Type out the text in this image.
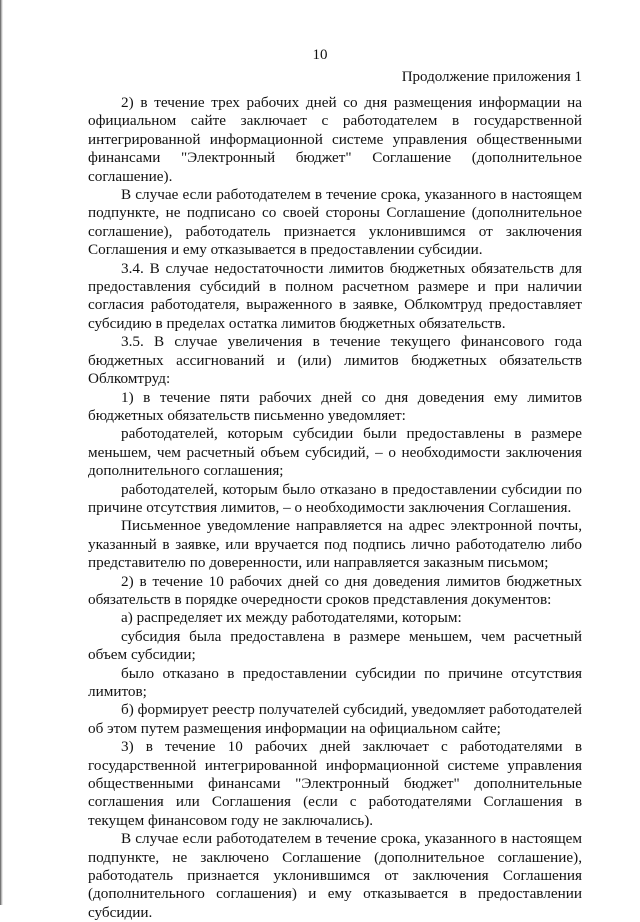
10
Продолжение приложения 1

2) в течение трех рабочих дней со дня размещения информации на официальном сайте заключает с работодателем в государственной интегрированной информационной системе управления общественными финансами "Электронный бюджет" Соглашение (дополнительное соглашение).

В случае если работодателем в течение срока, указанного в настоящем подпункте, не подписано со своей стороны Соглашение (дополнительное соглашение), работодатель признается уклонившимся от заключения Соглашения и ему отказывается в предоставлении субсидии.

3.4. В случае недостаточности лимитов бюджетных обязательств для предоставления субсидий в полном расчетном размере и при наличии согласия работодателя, выраженного в заявке, Облкомтруд предоставляет субсидию в пределах остатка лимитов бюджетных обязательств.

3.5. В случае увеличения в течение текущего финансового года бюджетных ассигнований и (или) лимитов бюджетных обязательств Облкомтруд:

1) в течение пяти рабочих дней со дня доведения ему лимитов бюджетных обязательств письменно уведомляет:

работодателей, которым субсидии были предоставлены в размере меньшем, чем расчетный объем субсидий, – о необходимости заключения дополнительного соглашения;

работодателей, которым было отказано в предоставлении субсидии по причине отсутствия лимитов, – о необходимости заключения Соглашения.

Письменное уведомление направляется на адрес электронной почты, указанный в заявке, или вручается под подпись лично работодателю либо представителю по доверенности, или направляется заказным письмом;

2) в течение 10 рабочих дней со дня доведения лимитов бюджетных обязательств в порядке очередности сроков представления документов:

а) распределяет их между работодателями, которым:

субсидия была предоставлена в размере меньшем, чем расчетный объем субсидии;

было отказано в предоставлении субсидии по причине отсутствия лимитов;

б) формирует реестр получателей субсидий, уведомляет работодателей об этом путем размещения информации на официальном сайте;

3) в течение 10 рабочих дней заключает с работодателями в государственной интегрированной информационной системе управления общественными финансами "Электронный бюджет" дополнительные соглашения или Соглашения (если с работодателями Соглашения в текущем финансовом году не заключались).

В случае если работодателем в течение срока, указанного в настоящем подпункте, не заключено Соглашение (дополнительное соглашение), работодатель признается уклонившимся от заключения Соглашения (дополнительного соглашения) и ему отказывается в предоставлении субсидии.
